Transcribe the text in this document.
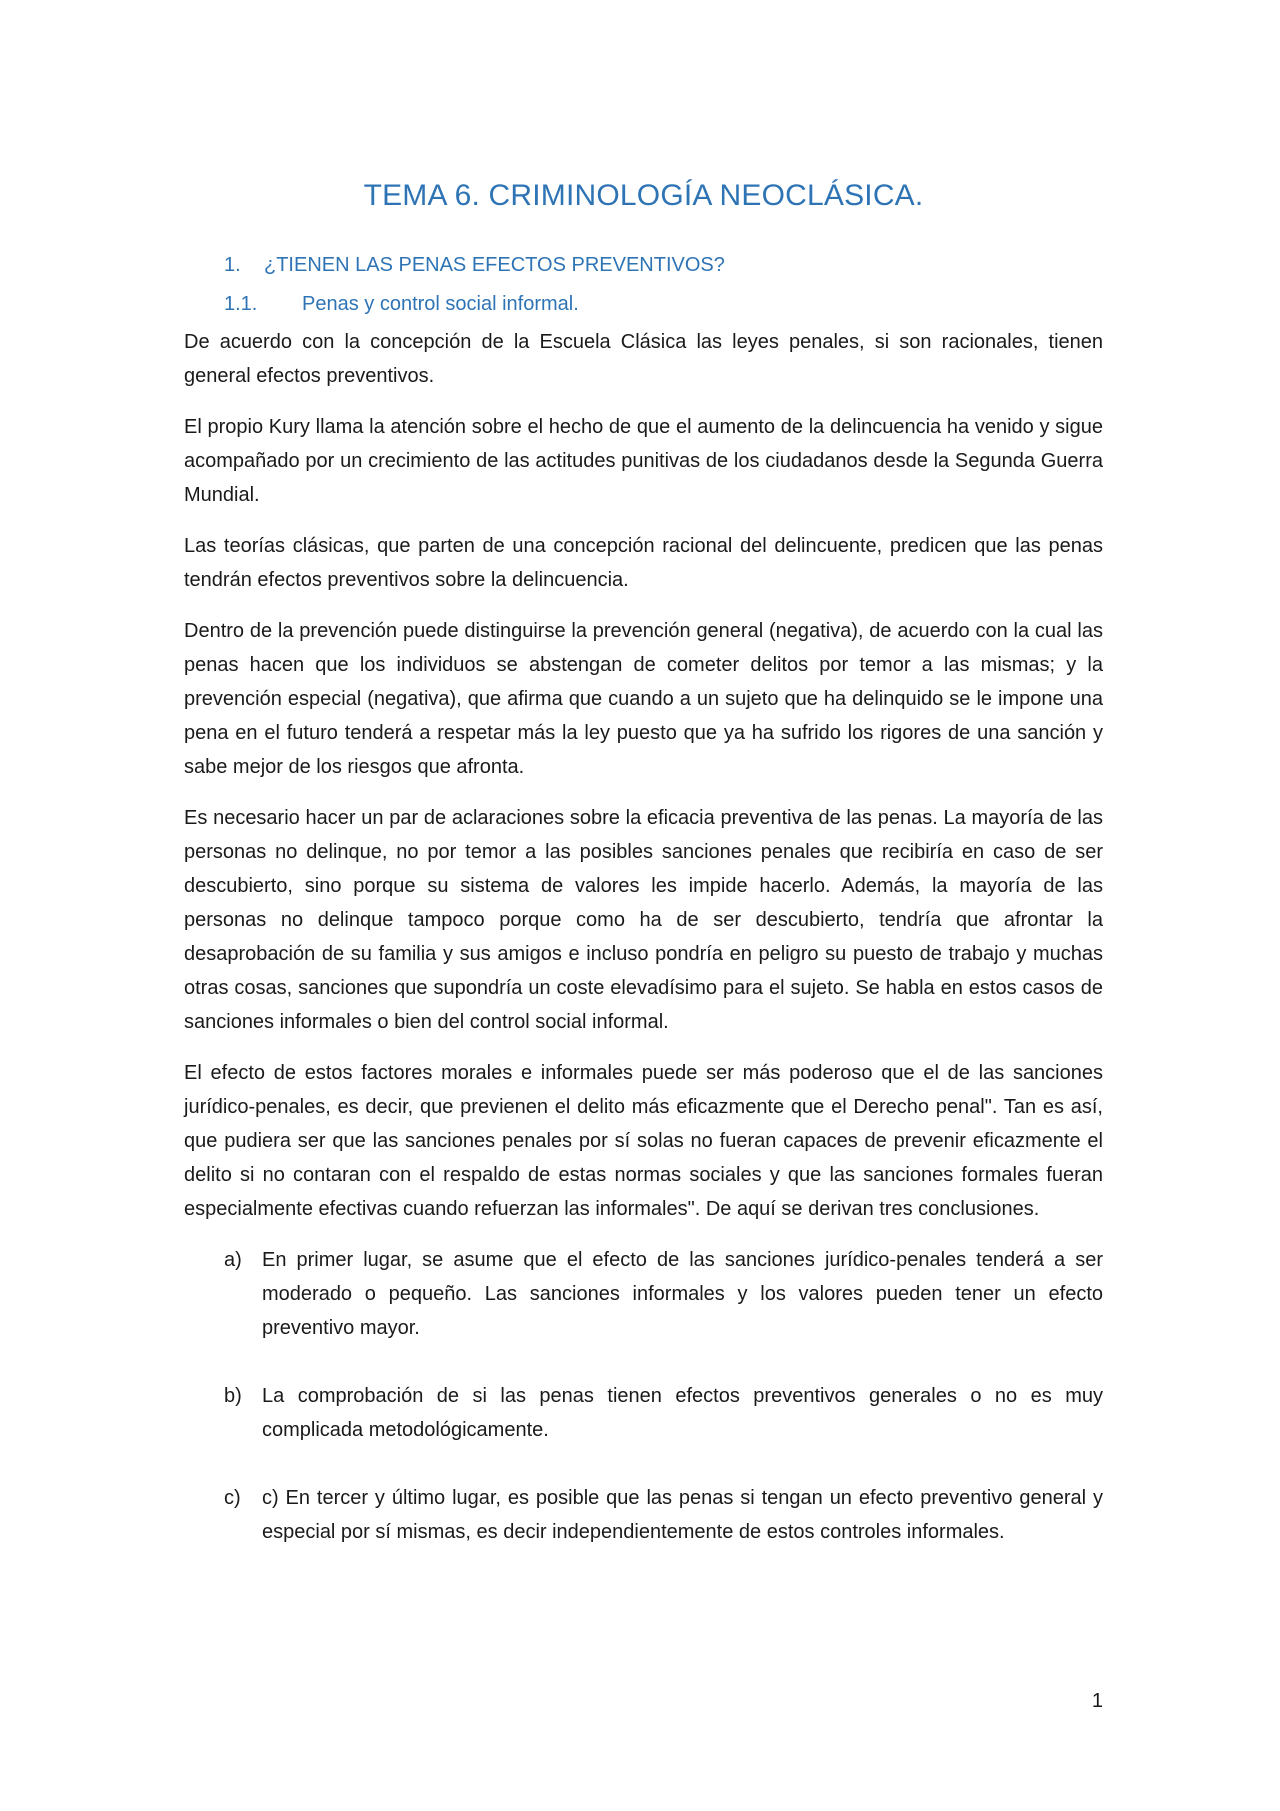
TEMA 6. CRIMINOLOGÍA NEOCLÁSICA.
1. ¿TIENEN LAS PENAS EFECTOS PREVENTIVOS?
1.1. Penas y control social informal.

De acuerdo con la concepción de la Escuela Clásica las leyes penales, si son racionales, tienen general efectos preventivos.

El propio Kury llama la atención sobre el hecho de que el aumento de la delincuencia ha venido y sigue acompañado por un crecimiento de las actitudes punitivas de los ciudadanos desde la Segunda Guerra Mundial.

Las teorías clásicas, que parten de una concepción racional del delincuente, predicen que las penas tendrán efectos preventivos sobre la delincuencia.

Dentro de la prevención puede distinguirse la prevención general (negativa), de acuerdo con la cual las penas hacen que los individuos se abstengan de cometer delitos por temor a las mismas; y la prevención especial (negativa), que afirma que cuando a un sujeto que ha delinquido se le impone una pena en el futuro tenderá a respetar más la ley puesto que ya ha sufrido los rigores de una sanción y sabe mejor de los riesgos que afronta.

Es necesario hacer un par de aclaraciones sobre la eficacia preventiva de las penas. La mayoría de las personas no delinque, no por temor a las posibles sanciones penales que recibiría en caso de ser descubierto, sino porque su sistema de valores les impide hacerlo. Además, la mayoría de las personas no delinque tampoco porque como ha de ser descubierto, tendría que afrontar la desaprobación de su familia y sus amigos e incluso pondría en peligro su puesto de trabajo y muchas otras cosas, sanciones que supondría un coste elevadísimo para el sujeto. Se habla en estos casos de sanciones informales o bien del control social informal.

El efecto de estos factores morales e informales puede ser más poderoso que el de las sanciones jurídico-penales, es decir, que previenen el delito más eficazmente que el Derecho penal". Tan es así, que pudiera ser que las sanciones penales por sí solas no fueran capaces de prevenir eficazmente el delito si no contaran con el respaldo de estas normas sociales y que las sanciones formales fueran especialmente efectivas cuando refuerzan las informales". De aquí se derivan tres conclusiones.

a) En primer lugar, se asume que el efecto de las sanciones jurídico-penales tenderá a ser moderado o pequeño. Las sanciones informales y los valores pueden tener un efecto preventivo mayor.
b) La comprobación de si las penas tienen efectos preventivos generales o no es muy complicada metodológicamente.
c) c) En tercer y último lugar, es posible que las penas si tengan un efecto preventivo general y especial por sí mismas, es decir independientemente de estos controles informales.

1
